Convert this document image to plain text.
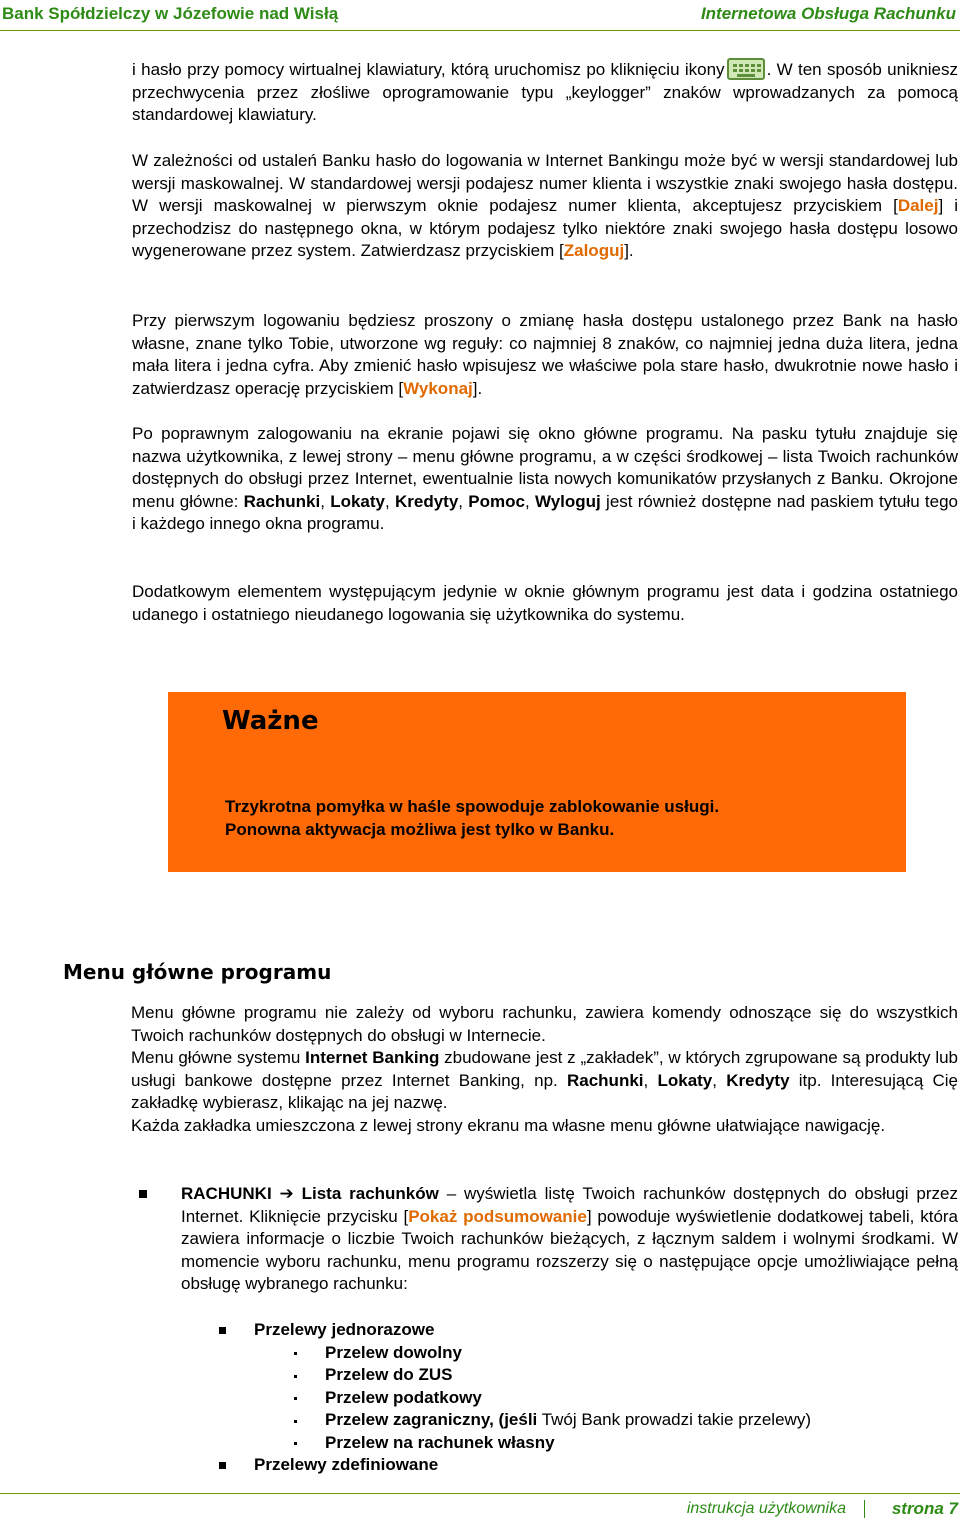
Bank Spółdzielczy w Józefowie nad Wisłą	Internetowa Obsługa Rachunku

i hasło przy pomocy wirtualnej klawiatury, którą uruchomisz po kliknięciu ikony . W ten sposób unikniesz przechwycenia przez złośliwe oprogramowanie typu „keylogger” znaków wprowadzanych za pomocą standardowej klawiatury.

W zależności od ustaleń Banku hasło do logowania w Internet Bankingu może być w wersji standardowej lub wersji maskowalnej. W standardowej wersji podajesz numer klienta i wszystkie znaki swojego hasła dostępu. W wersji maskowalnej w pierwszym oknie podajesz numer klienta, akceptujesz przyciskiem [Dalej] i przechodzisz do następnego okna, w którym podajesz tylko niektóre znaki swojego hasła dostępu losowo wygenerowane przez system. Zatwierdzasz przyciskiem [Zaloguj].

Przy pierwszym logowaniu będziesz proszony o zmianę hasła dostępu ustalonego przez Bank na hasło własne, znane tylko Tobie, utworzone wg reguły: co najmniej 8 znaków, co najmniej jedna duża litera, jedna mała litera i jedna cyfra. Aby zmienić hasło wpisujesz we właściwe pola stare hasło, dwukrotnie nowe hasło i zatwierdzasz operację przyciskiem [Wykonaj].

Po poprawnym zalogowaniu na ekranie pojawi się okno główne programu. Na pasku tytułu znajduje się nazwa użytkownika, z lewej strony – menu główne programu, a w części środkowej – lista Twoich rachunków dostępnych do obsługi przez Internet, ewentualnie lista nowych komunikatów przysłanych z Banku. Okrojone menu główne: Rachunki, Lokaty, Kredyty, Pomoc, Wyloguj jest również dostępne nad paskiem tytułu tego i każdego innego okna programu.

Dodatkowym elementem występującym jedynie w oknie głównym programu jest data i godzina ostatniego udanego i ostatniego nieudanego logowania się użytkownika do systemu.

Ważne
Trzykrotna pomyłka w haśle spowoduje zablokowanie usługi.
Ponowna aktywacja możliwa jest tylko w Banku.
Menu główne programu

Menu główne programu nie zależy od wyboru rachunku, zawiera komendy odnoszące się do wszystkich Twoich rachunków dostępnych do obsługi w Internecie.

Menu główne systemu Internet Banking zbudowane jest z „zakładek”, w których zgrupowane są produkty lub usługi bankowe dostępne przez Internet Banking, np. Rachunki, Lokaty, Kredyty itp. Interesującą Cię zakładkę wybierasz, klikając na jej nazwę.

Każda zakładka umieszczona z lewej strony ekranu ma własne menu główne ułatwiające nawigację.

RACHUNKI ➔ Lista rachunków – wyświetla listę Twoich rachunków dostępnych do obsługi przez Internet. Kliknięcie przycisku [Pokaż podsumowanie] powoduje wyświetlenie dodatkowej tabeli, która zawiera informacje o liczbie Twoich rachunków bieżących, z łącznym saldem i wolnymi środkami. W momencie wyboru rachunku, menu programu rozszerzy się o następujące opcje umożliwiające pełną obsługę wybranego rachunku:

Przelewy jednorazowe
Przelew dowolny
Przelew do ZUS
Przelew podatkowy
Przelew zagraniczny, (jeśli Twój Bank prowadzi takie przelewy)
Przelew na rachunek własny
Przelewy zdefiniowane
instrukcja użytkownika	strona 7
